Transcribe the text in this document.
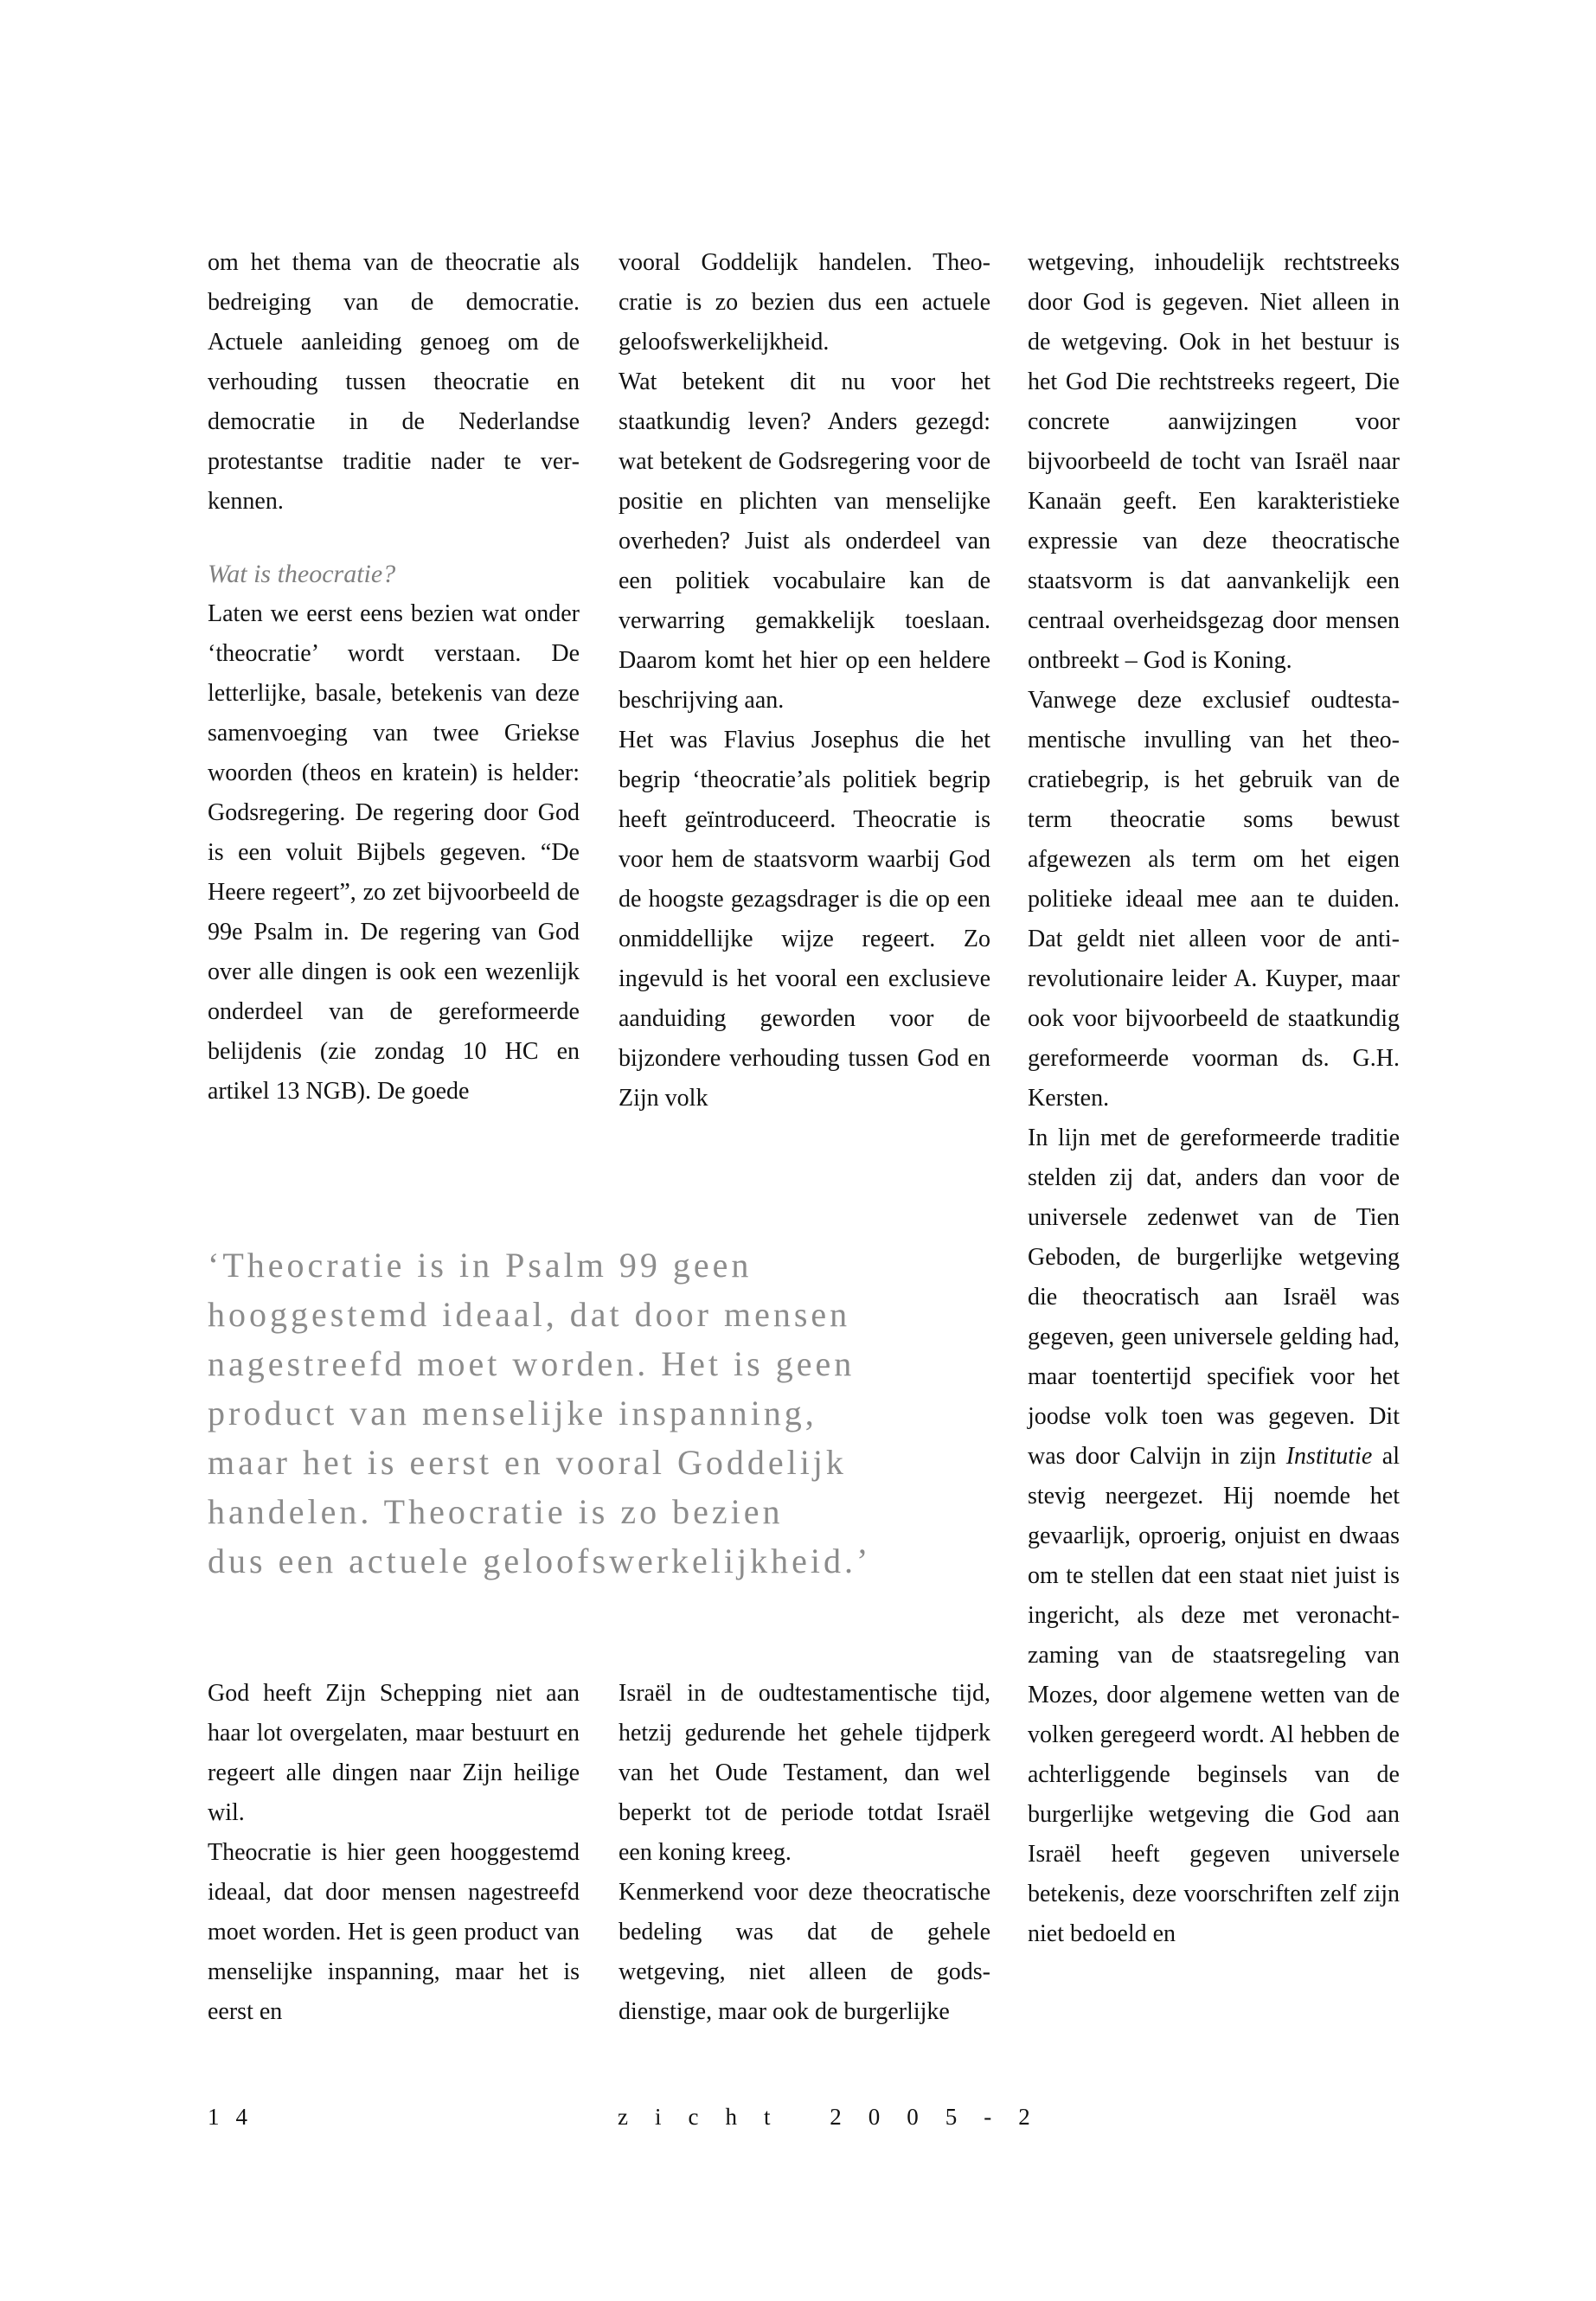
om het thema van de theocratie als bedreiging van de democratie. Actuele aanleiding genoeg om de verhouding tussen theocratie en democratie in de Nederlandse protestantse traditie nader te verkennen.

Wat is theocratie?

Laten we eerst eens bezien wat onder ‘theocratie’ wordt verstaan. De letterlijke, basale, betekenis van deze samenvoeging van twee Griekse woorden (theos en kratein) is helder: Godsregering. De regering door God is een voluit Bijbels gegeven. “De Heere regeert”, zo zet bijvoorbeeld de 99e Psalm in. De regering van God over alle dingen is ook een wezenlijk onderdeel van de gereformeerde belijdenis (zie zondag 10 HC en artikel 13 NGB). De goede

vooral Goddelijk handelen. Theocratie is zo bezien dus een actuele geloofswerkelijkheid.

Wat betekent dit nu voor het staatkundig leven? Anders gezegd: wat betekent de Godsregering voor de positie en plichten van menselijke overheden? Juist als onderdeel van een politiek vocabulaire kan de verwarring gemakkelijk toeslaan. Daarom komt het hier op een heldere beschrijving aan.

Het was Flavius Josephus die het begrip ‘theocratie’als politiek begrip heeft geïntroduceerd. Theocratie is voor hem de staatsvorm waarbij God de hoogste gezagsdrager is die op een onmiddellijke wijze regeert. Zo ingevuld is het vooral een exclusieve aanduiding geworden voor de bijzondere verhouding tussen God en Zijn volk

wetgeving, inhoudelijk rechtstreeks door God is gegeven. Niet alleen in de wetgeving. Ook in het bestuur is het God Die rechtstreeks regeert, Die concrete aanwijzingen voor bijvoorbeeld de tocht van Israël naar Kanaän geeft. Een karakteristieke expressie van deze theocratische staatsvorm is dat aanvankelijk een centraal overheidsgezag door mensen ontbreekt – God is Koning.

Vanwege deze exclusief oudtestamentische invulling van het theocratiebegrip, is het gebruik van de term theocratie soms bewust afgewezen als term om het eigen politieke ideaal mee aan te duiden. Dat geldt niet alleen voor de anti-revolutionaire leider A. Kuyper, maar ook voor bijvoorbeeld de staatkundig gereformeerde voorman ds. G.H. Kersten.

In lijn met de gereformeerde traditie stelden zij dat, anders dan voor de universele zedenwet van de Tien Geboden, de burgerlijke wetgeving die theocratisch aan Israël was gegeven, geen universele gelding had, maar toentertijd specifiek voor het joodse volk toen was gegeven. Dit was door Calvijn in zijn Institutie al stevig neergezet. Hij noemde het gevaarlijk, oproerig, onjuist en dwaas om te stellen dat een staat niet juist is ingericht, als deze met veronachtzaming van de staatsregeling van Mozes, door algemene wetten van de volken geregeerd wordt. Al hebben de achterliggende beginsels van de burgerlijke wetgeving die God aan Israël heeft gegeven universele betekenis, deze voorschriften zelf zijn niet bedoeld en

‘Theocratie is in Psalm 99 geen
hooggestemd ideaal, dat door mensen
nagestreefd moet worden. Het is geen
product van menselijke inspanning,
maar het is eerst en vooral Goddelijk
handelen. Theocratie is zo bezien
dus een actuele geloofswerkelijkheid.’

God heeft Zijn Schepping niet aan haar lot overgelaten, maar bestuurt en regeert alle dingen naar Zijn heilige wil.

Theocratie is hier geen hooggestemd ideaal, dat door mensen nagestreefd moet worden. Het is geen product van menselijke inspanning, maar het is eerst en

Israël in de oudtestamentische tijd, hetzij gedurende het gehele tijdperk van het Oude Testament, dan wel beperkt tot de periode totdat Israël een koning kreeg.

Kenmerkend voor deze theocratische bedeling was dat de gehele wetgeving, niet alleen de godsdienstige, maar ook de burgerlijke

14	zicht 2005-2
